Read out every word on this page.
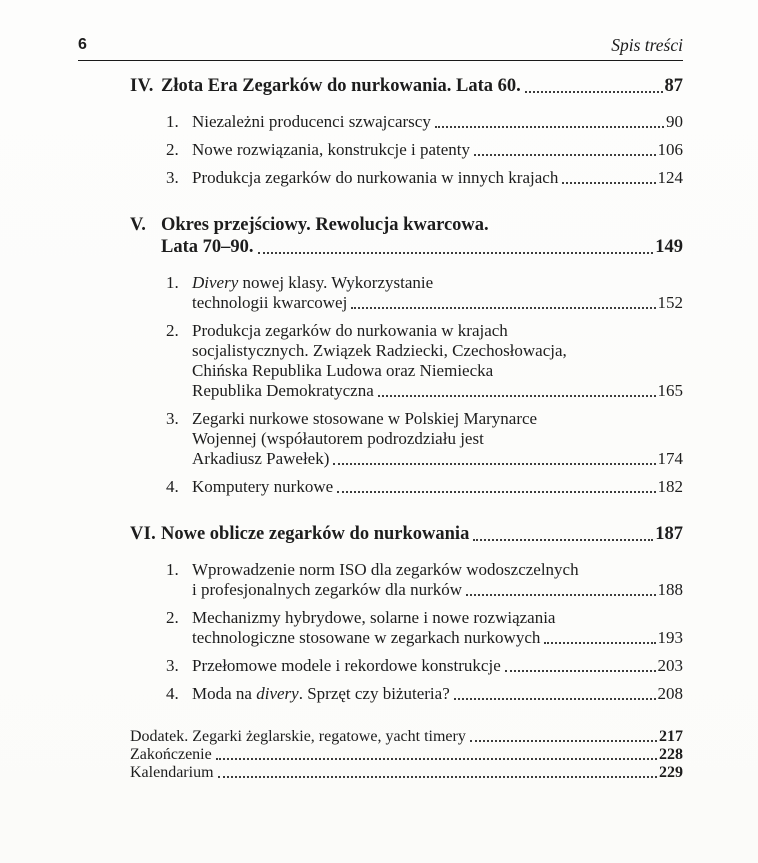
6	Spis treści
IV. Złota Era Zegarków do nurkowania. Lata 60.	87
1. Niezależni producenci szwajcarscy	90
2. Nowe rozwiązania, konstrukcje i patenty	106
3. Produkcja zegarków do nurkowania w innych krajach	124
V. Okres przejściowy. Rewolucja kwarcowa.
Lata 70–90.	149
1. Divery nowej klasy. Wykorzystanie
technologii kwarcowej	152
2. Produkcja zegarków do nurkowania w krajach
socjalistycznych. Związek Radziecki, Czechosłowacja,
Chińska Republika Ludowa oraz Niemiecka
Republika Demokratyczna	165
3. Zegarki nurkowe stosowane w Polskiej Marynarce
Wojennej (współautorem podrozdziału jest
Arkadiusz Pawełek)	174
4. Komputery nurkowe	182
VI. Nowe oblicze zegarków do nurkowania	187
1. Wprowadzenie norm ISO dla zegarków wodoszczelnych
i profesjonalnych zegarków dla nurków	188
2. Mechanizmy hybrydowe, solarne i nowe rozwiązania
technologiczne stosowane w zegarkach nurkowych	193
3. Przełomowe modele i rekordowe konstrukcje	203
4. Moda na divery. Sprzęt czy biżuteria?	208
Dodatek. Zegarki żeglarskie, regatowe, yacht timery	217
Zakończenie	228
Kalendarium	229
